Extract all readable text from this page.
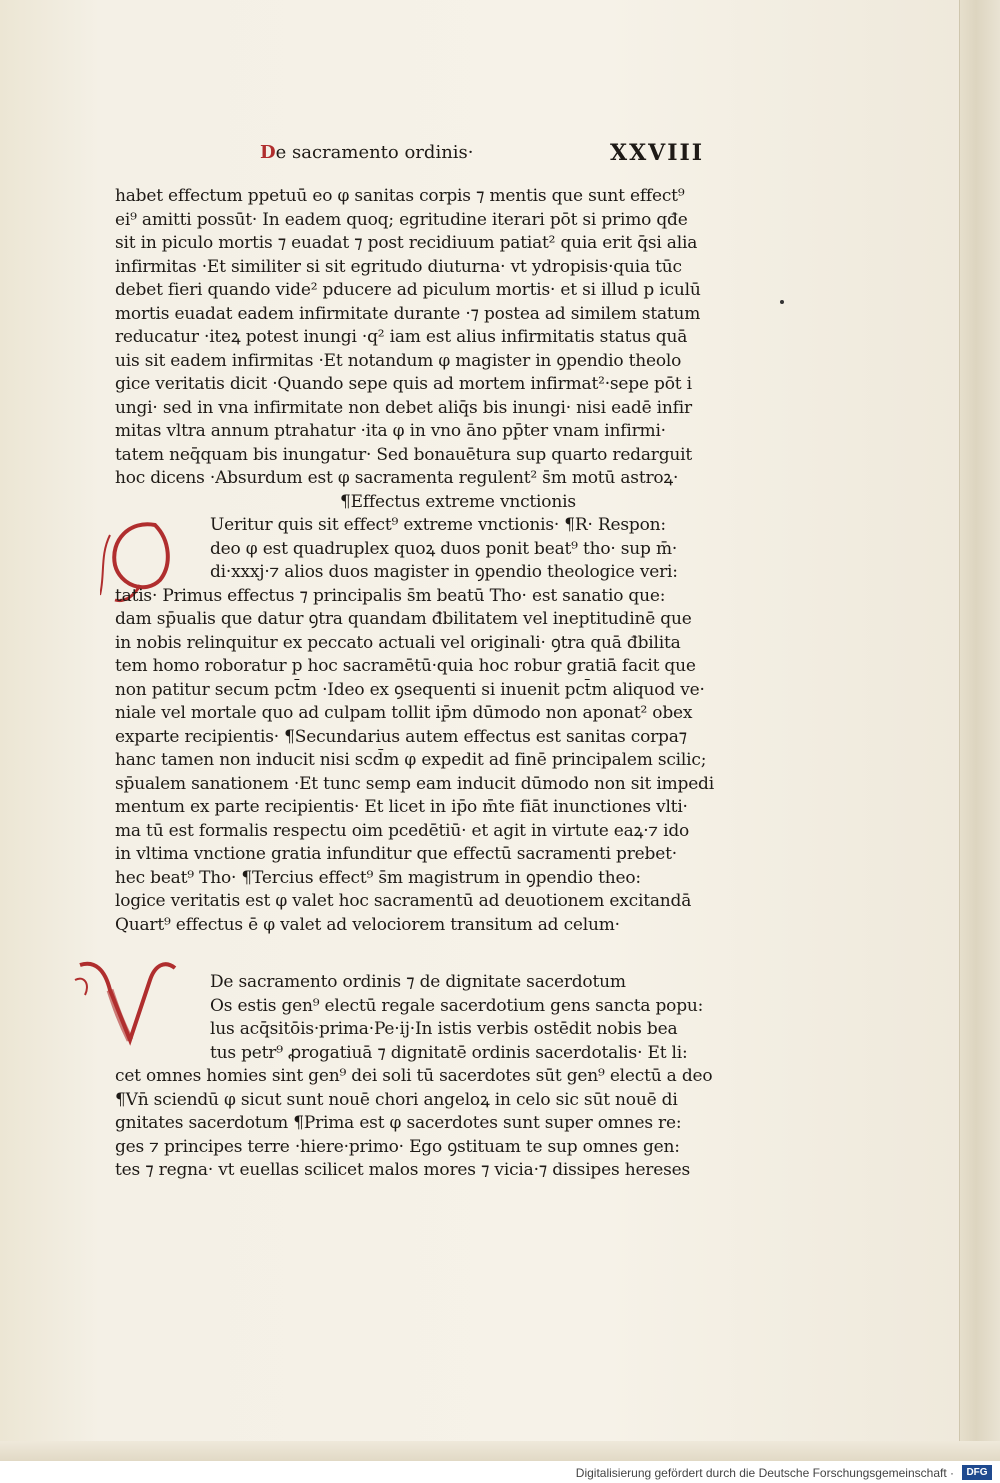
De sacramento ordinis·	XXVIII
habet effectum ppetuū eo φ sanitas corpis ⁊ mentis que sunt effect⁹
ei⁹ amitti possūt· In eadem quoq; egritudine iterari pōt si primo qđe
sit in piculo mortis ⁊ euadat ⁊ post recidiuum patiat² quia erit q̄si alia
infirmitas ·Et similiter si sit egritudo diuturna· vt ydropisis·quia tūc
debet fieri quando vide² pducere ad piculum mortis· et si illud p iculū
mortis euadat eadem infirmitate durante ·⁊ postea ad similem statum
reducatur ·iteꝝ potest inungi ·q² iam est alius infirmitatis status quā
uis sit eadem infirmitas ·Et notandum φ magister in ꝯpendio theolo
gice veritatis dicit ·Quando sepe quis ad mortem infirmat²·sepe pōt i
ungi· sed in vna infirmitate non debet aliq̄s bis inungi· nisi eadē infir
mitas vltra annum ptrahatur ·ita φ in vno āno pp̄ter vnam infirmi·
tatem neq̄quam bis inungatur· Sed bonauētura sup quarto redarguit
hoc dicens ·Absurdum est φ sacramenta regulent² s̄m motū astroꝝ·
¶Effectus extreme vnctionis
Ueritur quis sit effect⁹ extreme vnctionis· ¶R· Respon:
deo φ est quadruplex quoꝝ duos ponit beat⁹ tho· sup m̄·
di·xxxj·⁊ alios duos magister in ꝯpendio theologice veri:
tatis· Primus effectus ⁊ principalis s̄m beatū Tho· est sanatio que:
dam sp̄ualis que datur ꝯtra quandam đbilitatem vel ineptitudinē que
in nobis relinquitur ex peccato actuali vel originali· ꝯtra quā đbilita
tem homo roboratur p hoc sacramētū·quia hoc robur gratiā facit que
non patitur secum pct̄m ·Ideo ex ꝯsequenti si inuenit pct̄m aliquod ve·
niale vel mortale quo ad culpam tollit ip̄m dūmodo non aponat² obex
exparte recipientis· ¶Secundarius autem effectus est sanitas corpa⁊
hanc tamen non inducit nisi scd̄m φ expedit ad finē principalem scilic;
sp̄ualem sanationem ·Et tunc semp eam inducit dūmodo non sit impedi
mentum ex parte recipientis· Et licet in ip̄o m̄te fiāt inunctiones vlti·
ma tū est formalis respectu oim pcedētiū· et agit in virtute eaꝝ·⁊ ido
in vltima vnctione gratia infunditur que effectū sacramenti prebet·
hec beat⁹ Tho· ¶Tercius effect⁹ s̄m magistrum in ꝯpendio theo:
logice veritatis est φ valet hoc sacramentū ad deuotionem excitandā
Quart⁹ effectus ē φ valet ad velociorem transitum ad celum·
De sacramento ordinis ⁊ de dignitate sacerdotum
Os estis gen⁹ electū regale sacerdotium gens sancta popu:
lus acq̄sitōis·prima·Pe·ij·In istis verbis ostēdit nobis bea
tus petr⁹ ꝓrogatiuā ⁊ dignitatē ordinis sacerdotalis· Et li:
cet omnes homies sint gen⁹ dei soli tū sacerdotes sūt gen⁹ electū a deo
¶Vn̄ sciendū φ sicut sunt nouē chori angeloꝝ in celo sic sūt nouē di
gnitates sacerdotum ¶Prima est φ sacerdotes sunt super omnes re:
ges ⁊ principes terre ·hiere·primo· Ego ꝯstituam te sup omnes gen:
tes ⁊ regna· vt euellas scilicet malos mores ⁊ vicia·⁊ dissipes hereses
Digitalisierung gefördert durch die Deutsche Forschungsgemeinschaft ·	DFG
